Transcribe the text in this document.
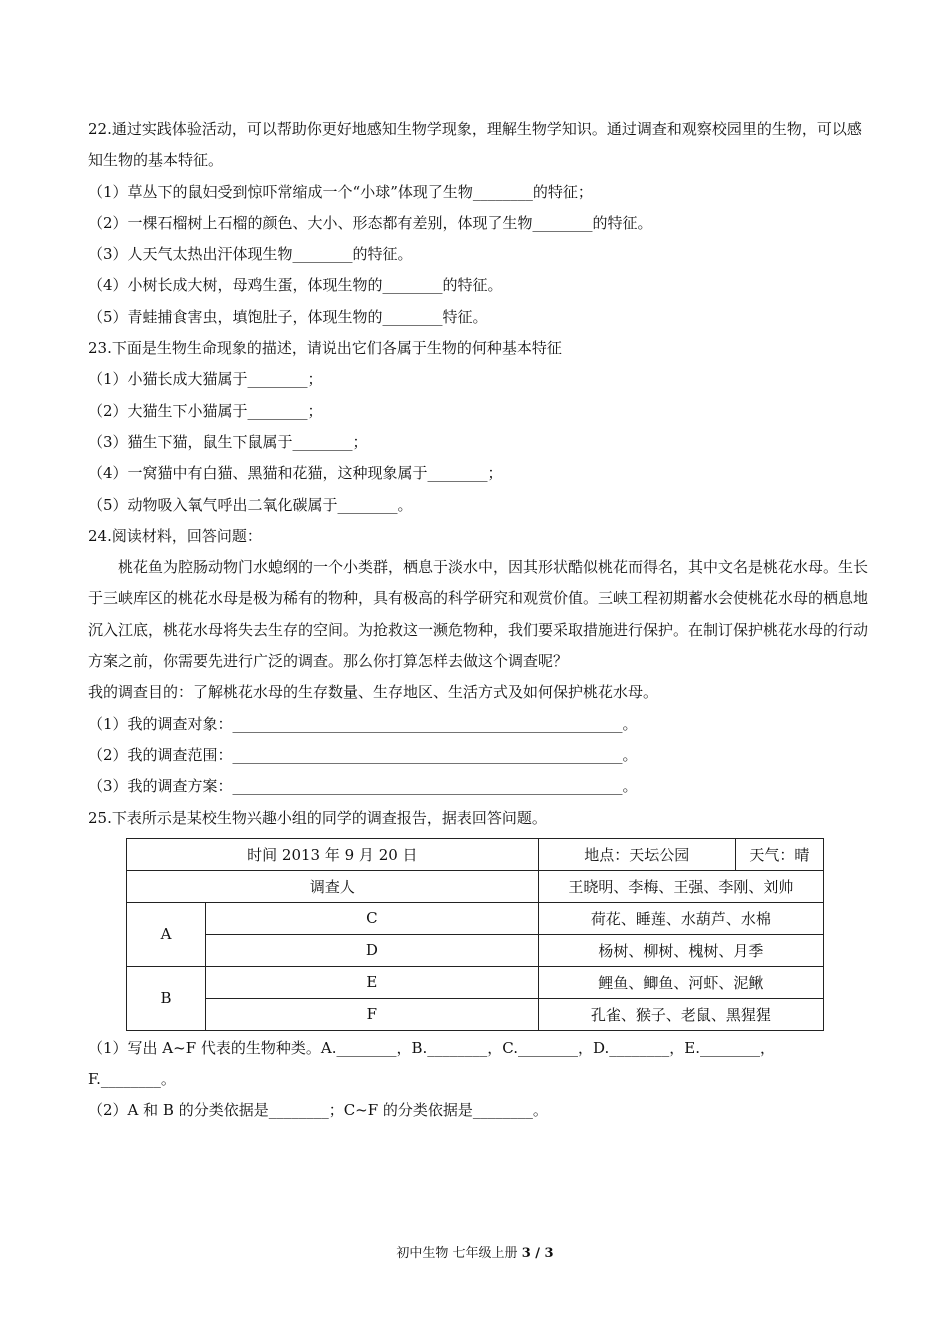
22.通过实践体验活动，可以帮助你更好地感知生物学现象，理解生物学知识。通过调查和观察校园里的生物，可以感知生物的基本特征。

（1）草丛下的鼠妇受到惊吓常缩成一个“小球”体现了生物________的特征；
（2）一棵石榴树上石榴的颜色、大小、形态都有差别，体现了生物________的特征。
（3）人天气太热出汗体现生物________的特征。
（4）小树长成大树，母鸡生蛋，体现生物的________的特征。
（5）青蛙捕食害虫，填饱肚子，体现生物的________特征。
23.下面是生物生命现象的描述，请说出它们各属于生物的何种基本特征
（1）小猫长成大猫属于________；
（2）大猫生下小猫属于________；
（3）猫生下猫，鼠生下鼠属于________；
（4）一窝猫中有白猫、黑猫和花猫，这种现象属于________；
（5）动物吸入氧气呼出二氧化碳属于________。
24.阅读材料，回答问题：

桃花鱼为腔肠动物门水螅纲的一个小类群，栖息于淡水中，因其形状酷似桃花而得名，其中文名是桃花水母。生长于三峡库区的桃花水母是极为稀有的物种，具有极高的科学研究和观赏价值。三峡工程初期蓄水会使桃花水母的栖息地沉入江底，桃花水母将失去生存的空间。为抢救这一濒危物种，我们要采取措施进行保护。在制订保护桃花水母的行动方案之前，你需要先进行广泛的调查。那么你打算怎样去做这个调查呢？

我的调查目的：了解桃花水母的生存数量、生存地区、生活方式及如何保护桃花水母。
（1）我的调查对象：____________________________________________________。
（2）我的调查范围：____________________________________________________。
（3）我的调查方案：____________________________________________________。
25.下表所示是某校生物兴趣小组的同学的调查报告，据表回答问题。
时间 2013 年 9 月 20 日		地点：天坛公园	天气：晴
调查人		王晓明、李梅、王强、李刚、刘帅	
A	C	荷花、睡莲、水葫芦、水棉	
	D	杨树、柳树、槐树、月季	
B	E	鲤鱼、鲫鱼、河虾、泥鳅	
	F	孔雀、猴子、老鼠、黑猩猩	
（1）写出 A~F 代表的生物种类。A.________，B.________，C.________，D.________，E.________，
F.________。
（2）A 和 B 的分类依据是________；C~F 的分类依据是________。
初中生物 七年级上册 3 / 3
